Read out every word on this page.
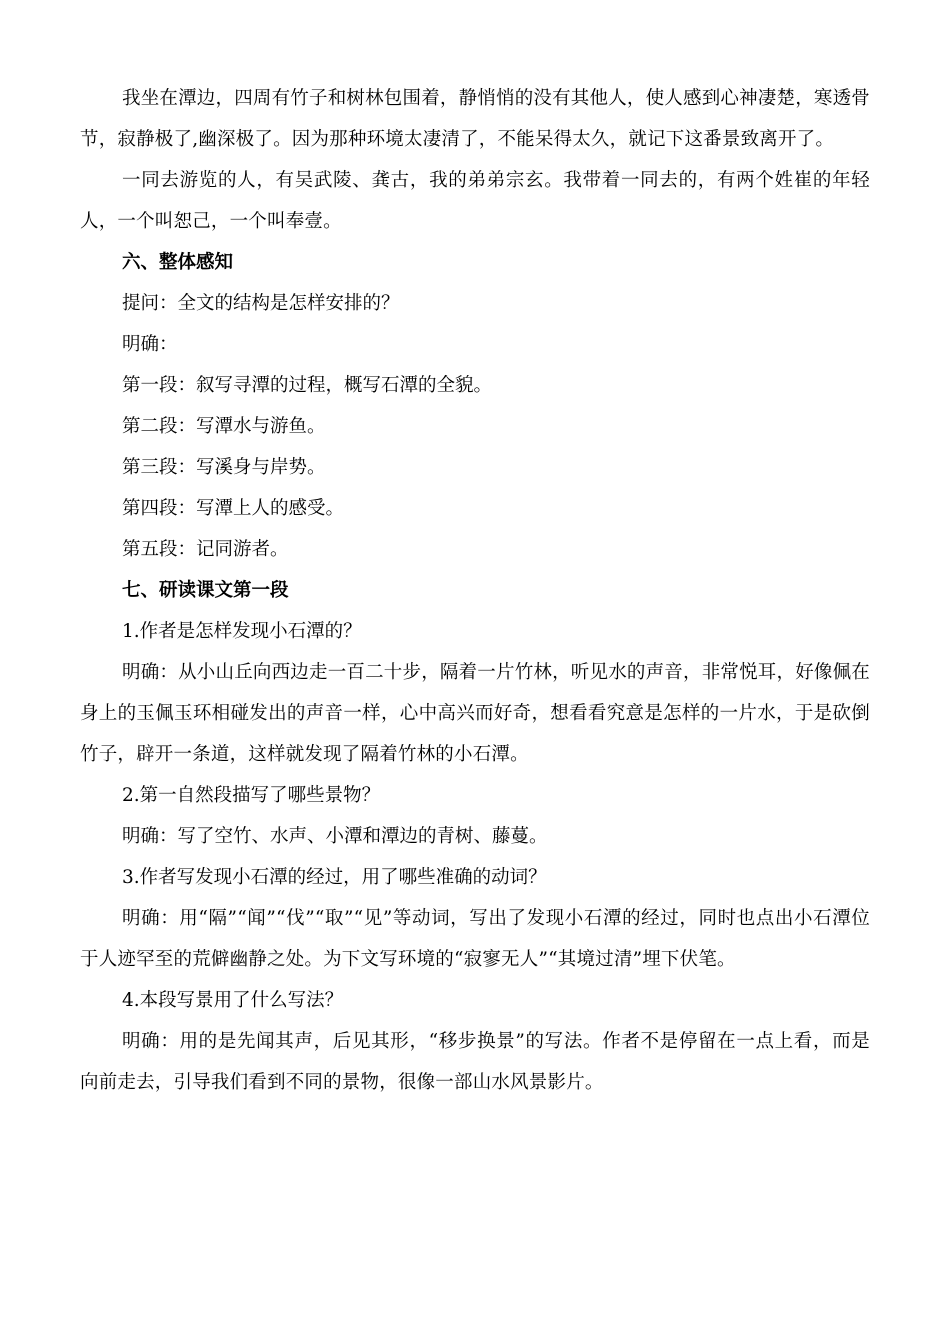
我坐在潭边，四周有竹子和树林包围着，静悄悄的没有其他人，使人感到心神凄楚，寒透骨节，寂静极了,幽深极了。因为那种环境太凄清了，不能呆得太久，就记下这番景致离开了。

一同去游览的人，有吴武陵、龚古，我的弟弟宗玄。我带着一同去的，有两个姓崔的年轻人，一个叫恕己，一个叫奉壹。

六、整体感知

提问：全文的结构是怎样安排的？

明确：

第一段：叙写寻潭的过程，概写石潭的全貌。

第二段：写潭水与游鱼。

第三段：写溪身与岸势。

第四段：写潭上人的感受。

第五段：记同游者。

七、研读课文第一段

1.作者是怎样发现小石潭的？

明确：从小山丘向西边走一百二十步，隔着一片竹林，听见水的声音，非常悦耳，好像佩在身上的玉佩玉环相碰发出的声音一样，心中高兴而好奇，想看看究意是怎样的一片水，于是砍倒竹子，辟开一条道，这样就发现了隔着竹林的小石潭。

2.第一自然段描写了哪些景物？

明确：写了空竹、水声、小潭和潭边的青树、藤蔓。

3.作者写发现小石潭的经过，用了哪些准确的动词？

明确：用“隔”“闻”“伐”“取”“见”等动词，写出了发现小石潭的经过，同时也点出小石潭位于人迹罕至的荒僻幽静之处。为下文写环境的“寂寥无人”“其境过清”埋下伏笔。

4.本段写景用了什么写法？

明确：用的是先闻其声，后见其形，“移步换景”的写法。作者不是停留在一点上看，而是向前走去，引导我们看到不同的景物，很像一部山水风景影片。
